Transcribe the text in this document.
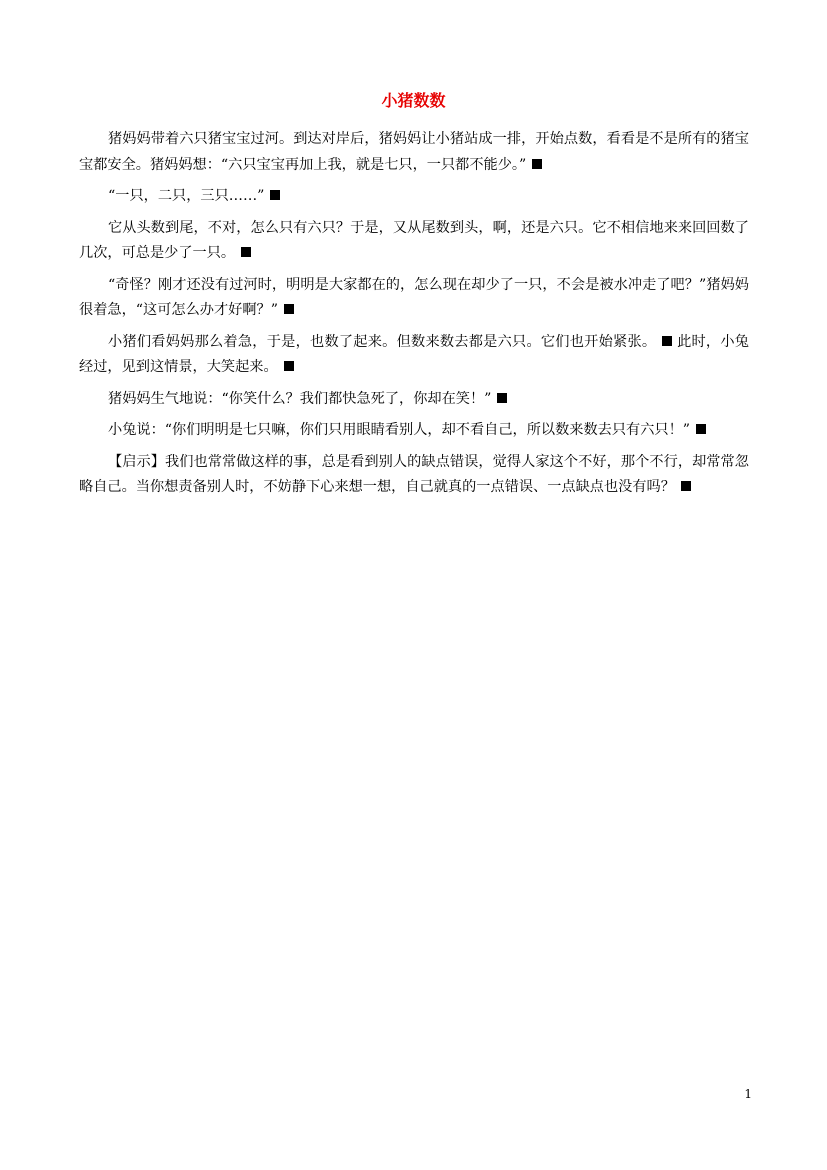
小猪数数

猪妈妈带着六只猪宝宝过河。到达对岸后，猪妈妈让小猪站成一排，开始点数，看看是不是所有的猪宝宝都安全。猪妈妈想：“六只宝宝再加上我，就是七只，一只都不能少。”

“一只，二只，三只……”

它从头数到尾，不对，怎么只有六只？于是，又从尾数到头，啊，还是六只。它不相信地来来回回数了几次，可总是少了一只。

“奇怪？刚才还没有过河时，明明是大家都在的，怎么现在却少了一只，不会是被水冲走了吧？”猪妈妈很着急，“这可怎么办才好啊？”

小猪们看妈妈那么着急，于是，也数了起来。但数来数去都是六只。它们也开始紧张。 此时，小兔经过，见到这情景，大笑起来。

猪妈妈生气地说：“你笑什么？我们都快急死了，你却在笑！”

小兔说：“你们明明是七只嘛，你们只用眼睛看别人，却不看自己，所以数来数去只有六只！”

【启示】我们也常常做这样的事，总是看到别人的缺点错误，觉得人家这个不好，那个不行，却常常忽略自己。当你想责备别人时，不妨静下心来想一想，自己就真的一点错误、一点缺点也没有吗？

1
